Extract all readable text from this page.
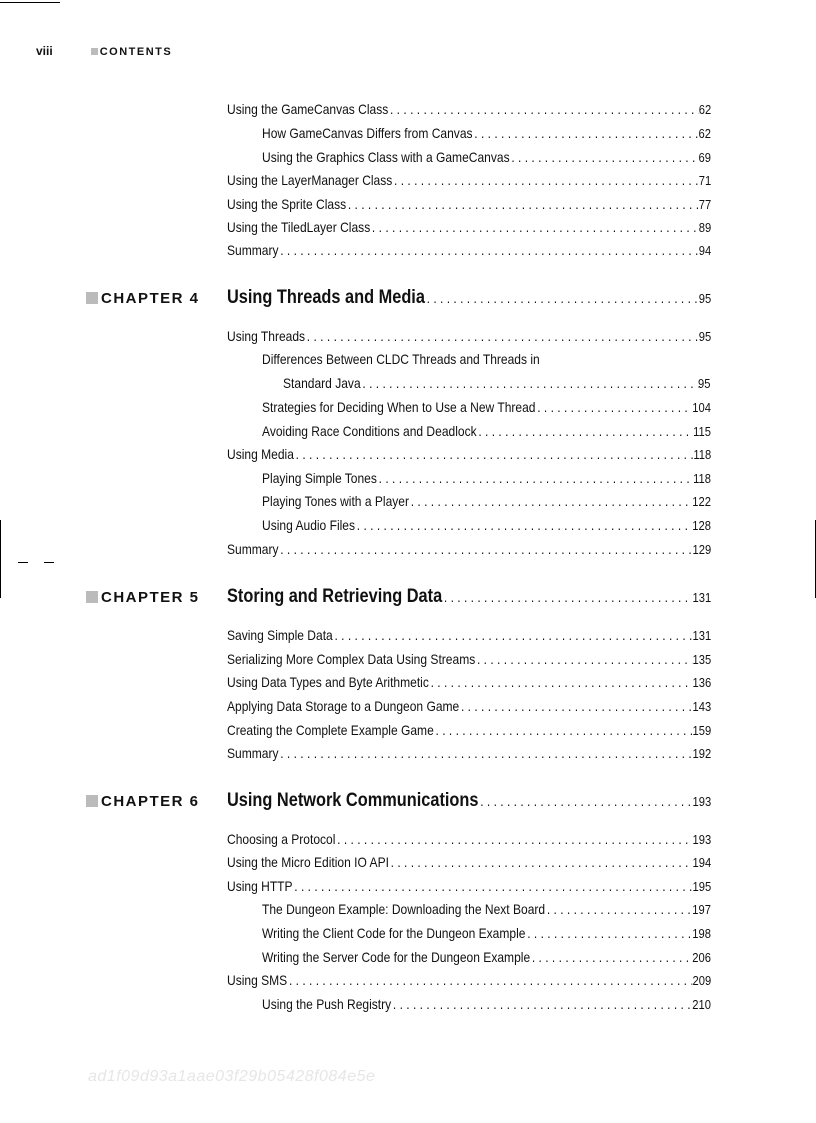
viii	CONTENTS
Using the GameCanvas Class . . .	62
How GameCanvas Differs from Canvas . . .	62
Using the Graphics Class with a GameCanvas . . .	69
Using the LayerManager Class . . .	71
Using the Sprite Class . . .	77
Using the TiledLayer Class . . .	89
Summary . . .	94
CHAPTER 4 Using Threads and Media . . .	95
Using Threads . . .	95
Differences Between CLDC Threads and Threads in
Standard Java . . .	95
Strategies for Deciding When to Use a New Thread . . .	104
Avoiding Race Conditions and Deadlock . . .	115
Using Media . . .	118
Playing Simple Tones . . .	118
Playing Tones with a Player . . .	122
Using Audio Files . . .	128
Summary . . .	129
CHAPTER 5 Storing and Retrieving Data . . .	131
Saving Simple Data . . .	131
Serializing More Complex Data Using Streams . . .	135
Using Data Types and Byte Arithmetic . . .	136
Applying Data Storage to a Dungeon Game . . .	143
Creating the Complete Example Game . . .	159
Summary . . .	192
CHAPTER 6 Using Network Communications . . .	193
Choosing a Protocol . . .	193
Using the Micro Edition IO API . . .	194
Using HTTP . . .	195
The Dungeon Example: Downloading the Next Board . . .	197
Writing the Client Code for the Dungeon Example . . .	198
Writing the Server Code for the Dungeon Example . . .	206
Using SMS . . .	209
Using the Push Registry . . .	210
ad1f09d93a1aae03f29b05428f084e5e
